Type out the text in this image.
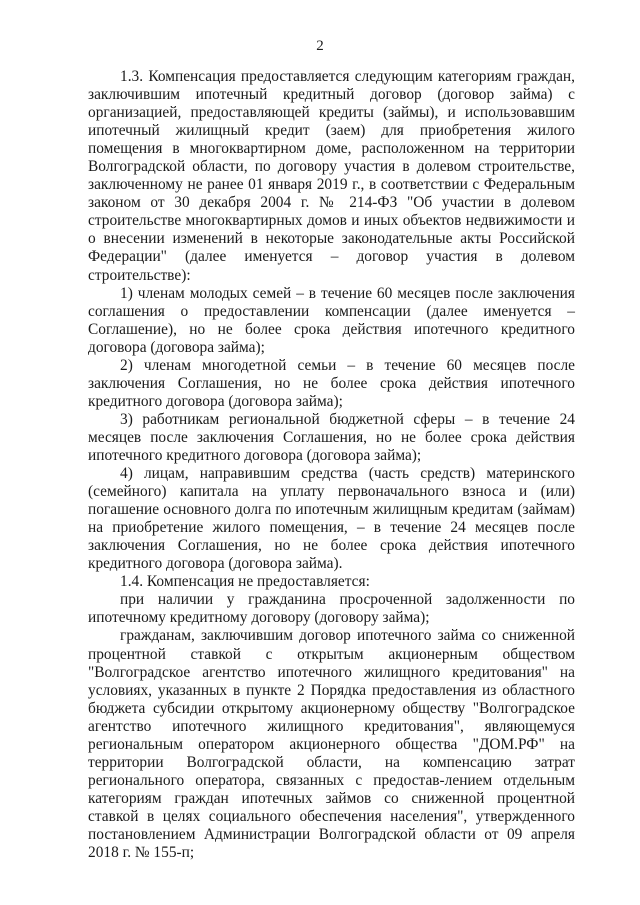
2

1.3. Компенсация предоставляется следующим категориям граждан, заключившим ипотечный кредитный договор (договор займа) с организацией, предоставляющей кредиты (займы), и использовавшим ипотечный жилищный кредит (заем) для приобретения жилого помещения в многоквартирном доме, расположенном на территории Волгоградской области, по договору участия в долевом строительстве, заключенному не ранее 01 января 2019 г., в соответствии с Федеральным законом от 30 декабря 2004 г. № 214-ФЗ "Об участии в долевом строительстве многоквартирных домов и иных объектов недвижимости и о внесении изменений в некоторые законодательные акты Российской Федерации" (далее именуется – договор участия в долевом строительстве):

1) членам молодых семей – в течение 60 месяцев после заключения соглашения о предоставлении компенсации (далее именуется – Соглашение), но не более срока действия ипотечного кредитного договора (договора займа);

2) членам многодетной семьи – в течение 60 месяцев после заключения Соглашения, но не более срока действия ипотечного кредитного договора (договора займа);

3) работникам региональной бюджетной сферы – в течение 24 месяцев после заключения Соглашения, но не более срока действия ипотечного кредитного договора (договора займа);

4) лицам, направившим средства (часть средств) материнского (семейного) капитала на уплату первоначального взноса и (или) погашение основного долга по ипотечным жилищным кредитам (займам) на приобретение жилого помещения, – в течение 24 месяцев после заключения Соглашения, но не более срока действия ипотечного кредитного договора (договора займа).

1.4. Компенсация не предоставляется:

при наличии у гражданина просроченной задолженности по ипотечному кредитному договору (договору займа);

гражданам, заключившим договор ипотечного займа со сниженной процентной ставкой с открытым акционерным обществом "Волгоградское агентство ипотечного жилищного кредитования" на условиях, указанных в пункте 2 Порядка предоставления из областного бюджета субсидии открытому акционерному обществу "Волгоградское агентство ипотечного жилищного кредитования", являющемуся региональным оператором акционерного общества "ДОМ.РФ" на территории Волгоградской области, на компенсацию затрат регионального оператора, связанных с предостав-лением отдельным категориям граждан ипотечных займов со сниженной процентной ставкой в целях социального обеспечения населения", утвержденного постановлением Администрации Волгоградской области от 09 апреля 2018 г. № 155-п;
